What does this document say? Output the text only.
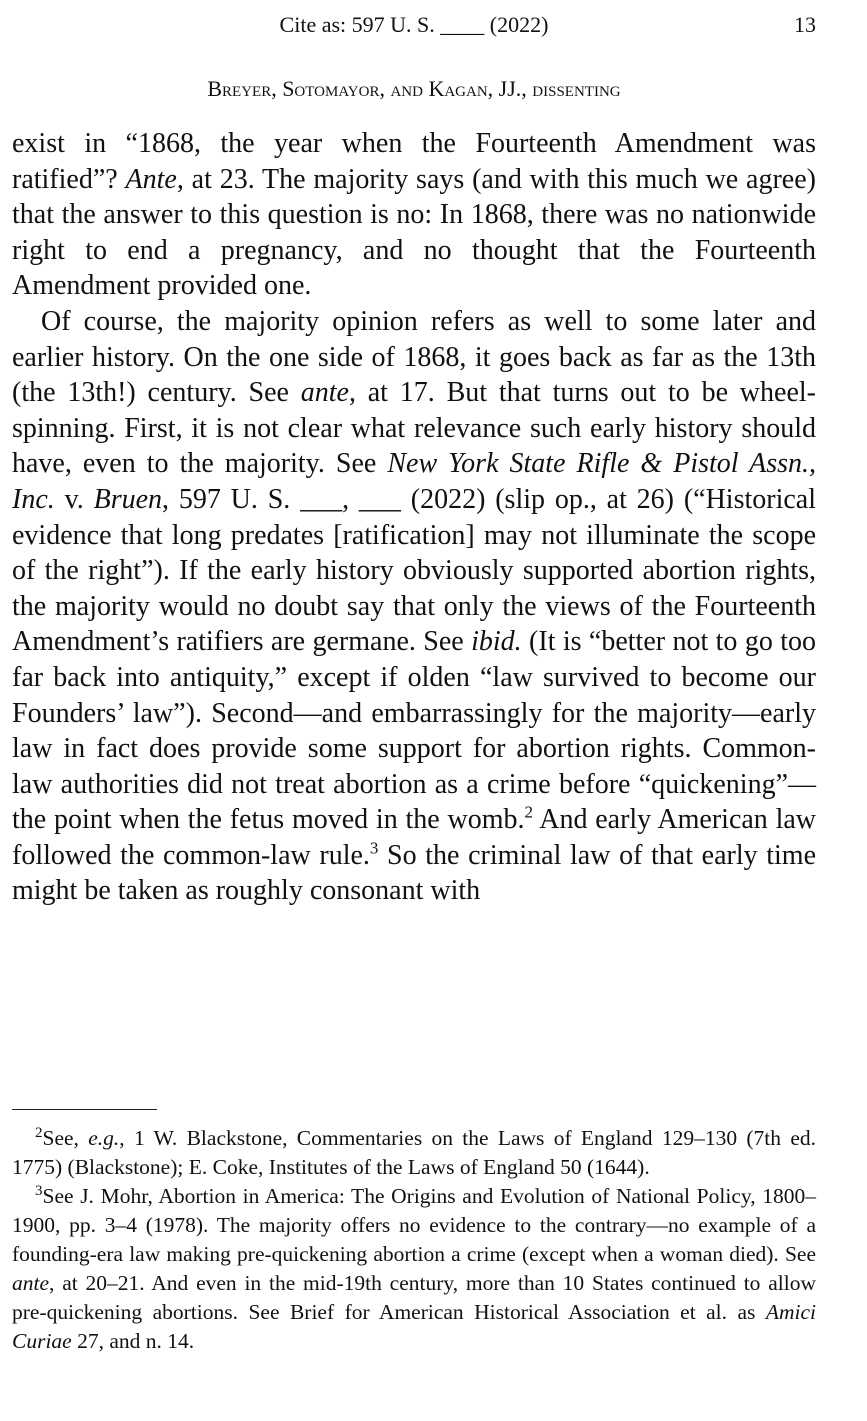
Cite as: 597 U. S. ____ (2022)	13
Breyer, Sotomayor, and Kagan, JJ., dissenting

exist in “1868, the year when the Fourteenth Amendment was ratified”? Ante, at 23. The majority says (and with this much we agree) that the answer to this question is no: In 1868, there was no nationwide right to end a pregnancy, and no thought that the Fourteenth Amendment provided one.

Of course, the majority opinion refers as well to some later and earlier history. On the one side of 1868, it goes back as far as the 13th (the 13th!) century. See ante, at 17. But that turns out to be wheel-spinning. First, it is not clear what relevance such early history should have, even to the majority. See New York State Rifle & Pistol Assn., Inc. v. Bruen, 597 U. S. ___, ___ (2022) (slip op., at 26) (“Historical evidence that long predates [ratification] may not illuminate the scope of the right”). If the early history obviously supported abortion rights, the majority would no doubt say that only the views of the Fourteenth Amendment’s ratifiers are germane. See ibid. (It is “better not to go too far back into antiquity,” except if olden “law survived to become our Founders’ law”). Second—and embarrassingly for the majority—early law in fact does provide some support for abortion rights. Common-law authorities did not treat abortion as a crime before “quickening”—the point when the fetus moved in the womb.$^2$ And early American law followed the common-law rule.$^3$ So the criminal law of that early time might be taken as roughly consonant with

$^2$See, e.g., 1 W. Blackstone, Commentaries on the Laws of England 129–130 (7th ed. 1775) (Blackstone); E. Coke, Institutes of the Laws of England 50 (1644).

$^3$See J. Mohr, Abortion in America: The Origins and Evolution of National Policy, 1800–1900, pp. 3–4 (1978). The majority offers no evidence to the contrary—no example of a founding-era law making pre-quickening abortion a crime (except when a woman died). See ante, at 20–21. And even in the mid-19th century, more than 10 States continued to allow pre-quickening abortions. See Brief for American Historical Association et al. as Amici Curiae 27, and n. 14.
